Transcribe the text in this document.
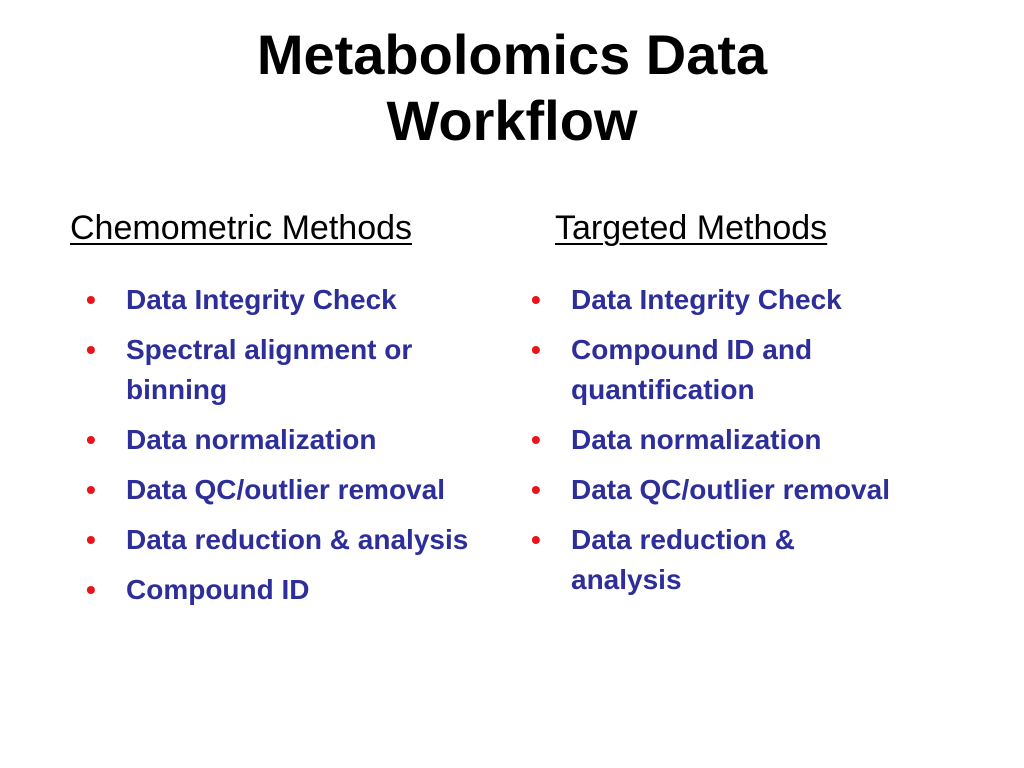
Metabolomics Data
Workflow
Chemometric Methods
• Data Integrity Check
• Spectral alignment or binning
• Data normalization
• Data QC/outlier removal
• Data reduction & analysis
• Compound ID
Targeted Methods
• Data Integrity Check
• Compound ID and quantification
• Data normalization
• Data QC/outlier removal
• Data reduction & analysis
